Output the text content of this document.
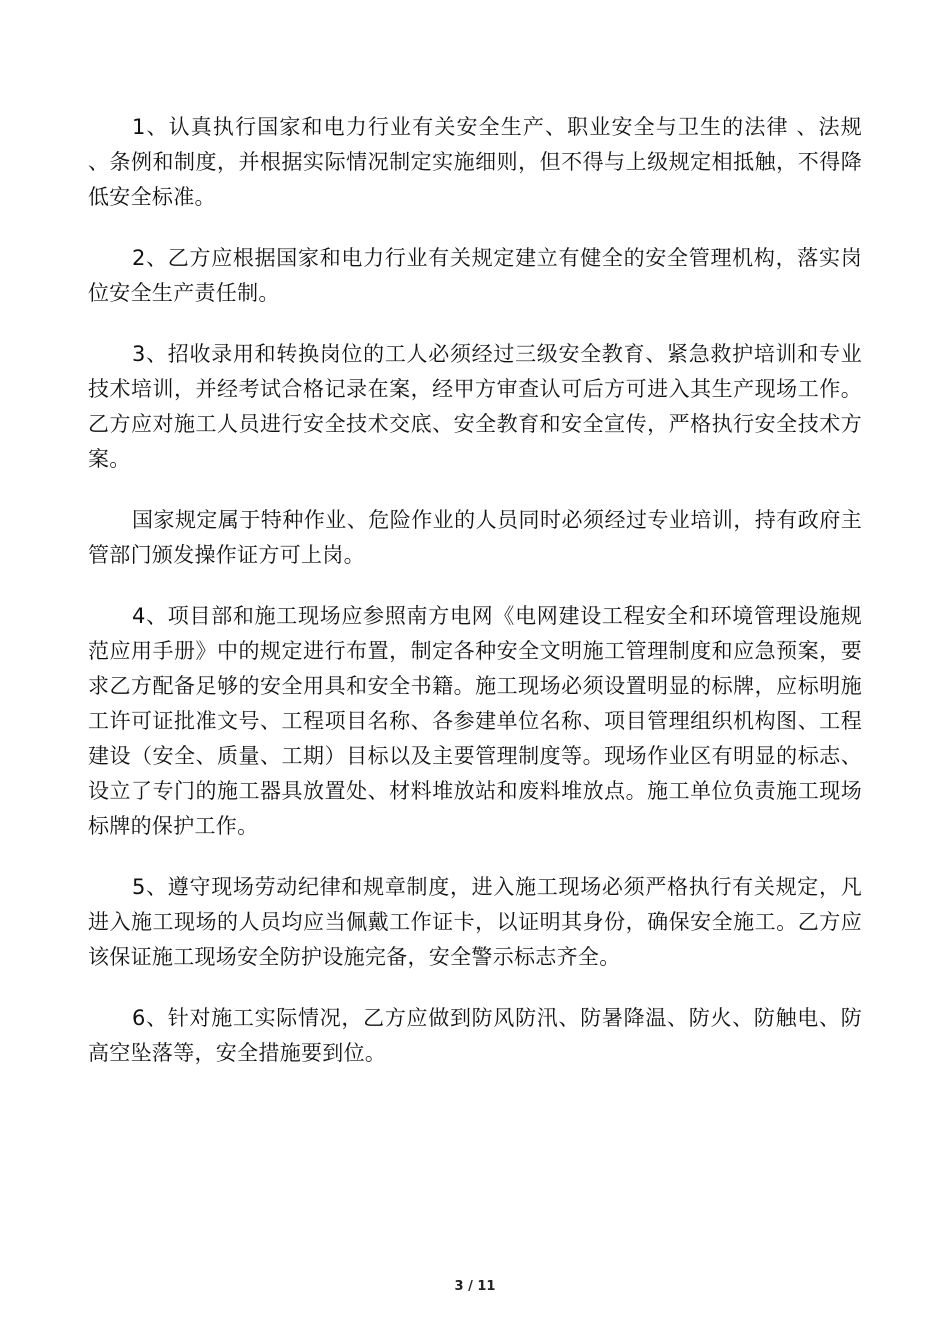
1、认真执行国家和电力行业有关安全生产、职业安全与卫生的法律 、法规 、条例和制度，并根据实际情况制定实施细则，但不得与上级规定相抵触，不得降低安全标准。

2、乙方应根据国家和电力行业有关规定建立有健全的安全管理机构，落实岗位安全生产责任制。

3、招收录用和转换岗位的工人必须经过三级安全教育、紧急救护培训和专业技术培训，并经考试合格记录在案，经甲方审查认可后方可进入其生产现场工作。乙方应对施工人员进行安全技术交底、安全教育和安全宣传，严格执行安全技术方案。

国家规定属于特种作业、危险作业的人员同时必须经过专业培训，持有政府主管部门颁发操作证方可上岗。

4、项目部和施工现场应参照南方电网《电网建设工程安全和环境管理设施规范应用手册》中的规定进行布置，制定各种安全文明施工管理制度和应急预案，要求乙方配备足够的安全用具和安全书籍。施工现场必须设置明显的标牌，应标明施工许可证批准文号、工程项目名称、各参建单位名称、项目管理组织机构图、工程建设（安全、质量、工期）目标以及主要管理制度等。现场作业区有明显的标志、设立了专门的施工器具放置处、材料堆放站和废料堆放点。施工单位负责施工现场标牌的保护工作。

5、遵守现场劳动纪律和规章制度，进入施工现场必须严格执行有关规定，凡进入施工现场的人员均应当佩戴工作证卡，以证明其身份，确保安全施工。乙方应该保证施工现场安全防护设施完备，安全警示标志齐全。

6、针对施工实际情况，乙方应做到防风防汛、防暑降温、防火、防触电、防高空坠落等，安全措施要到位。

3 / 11
